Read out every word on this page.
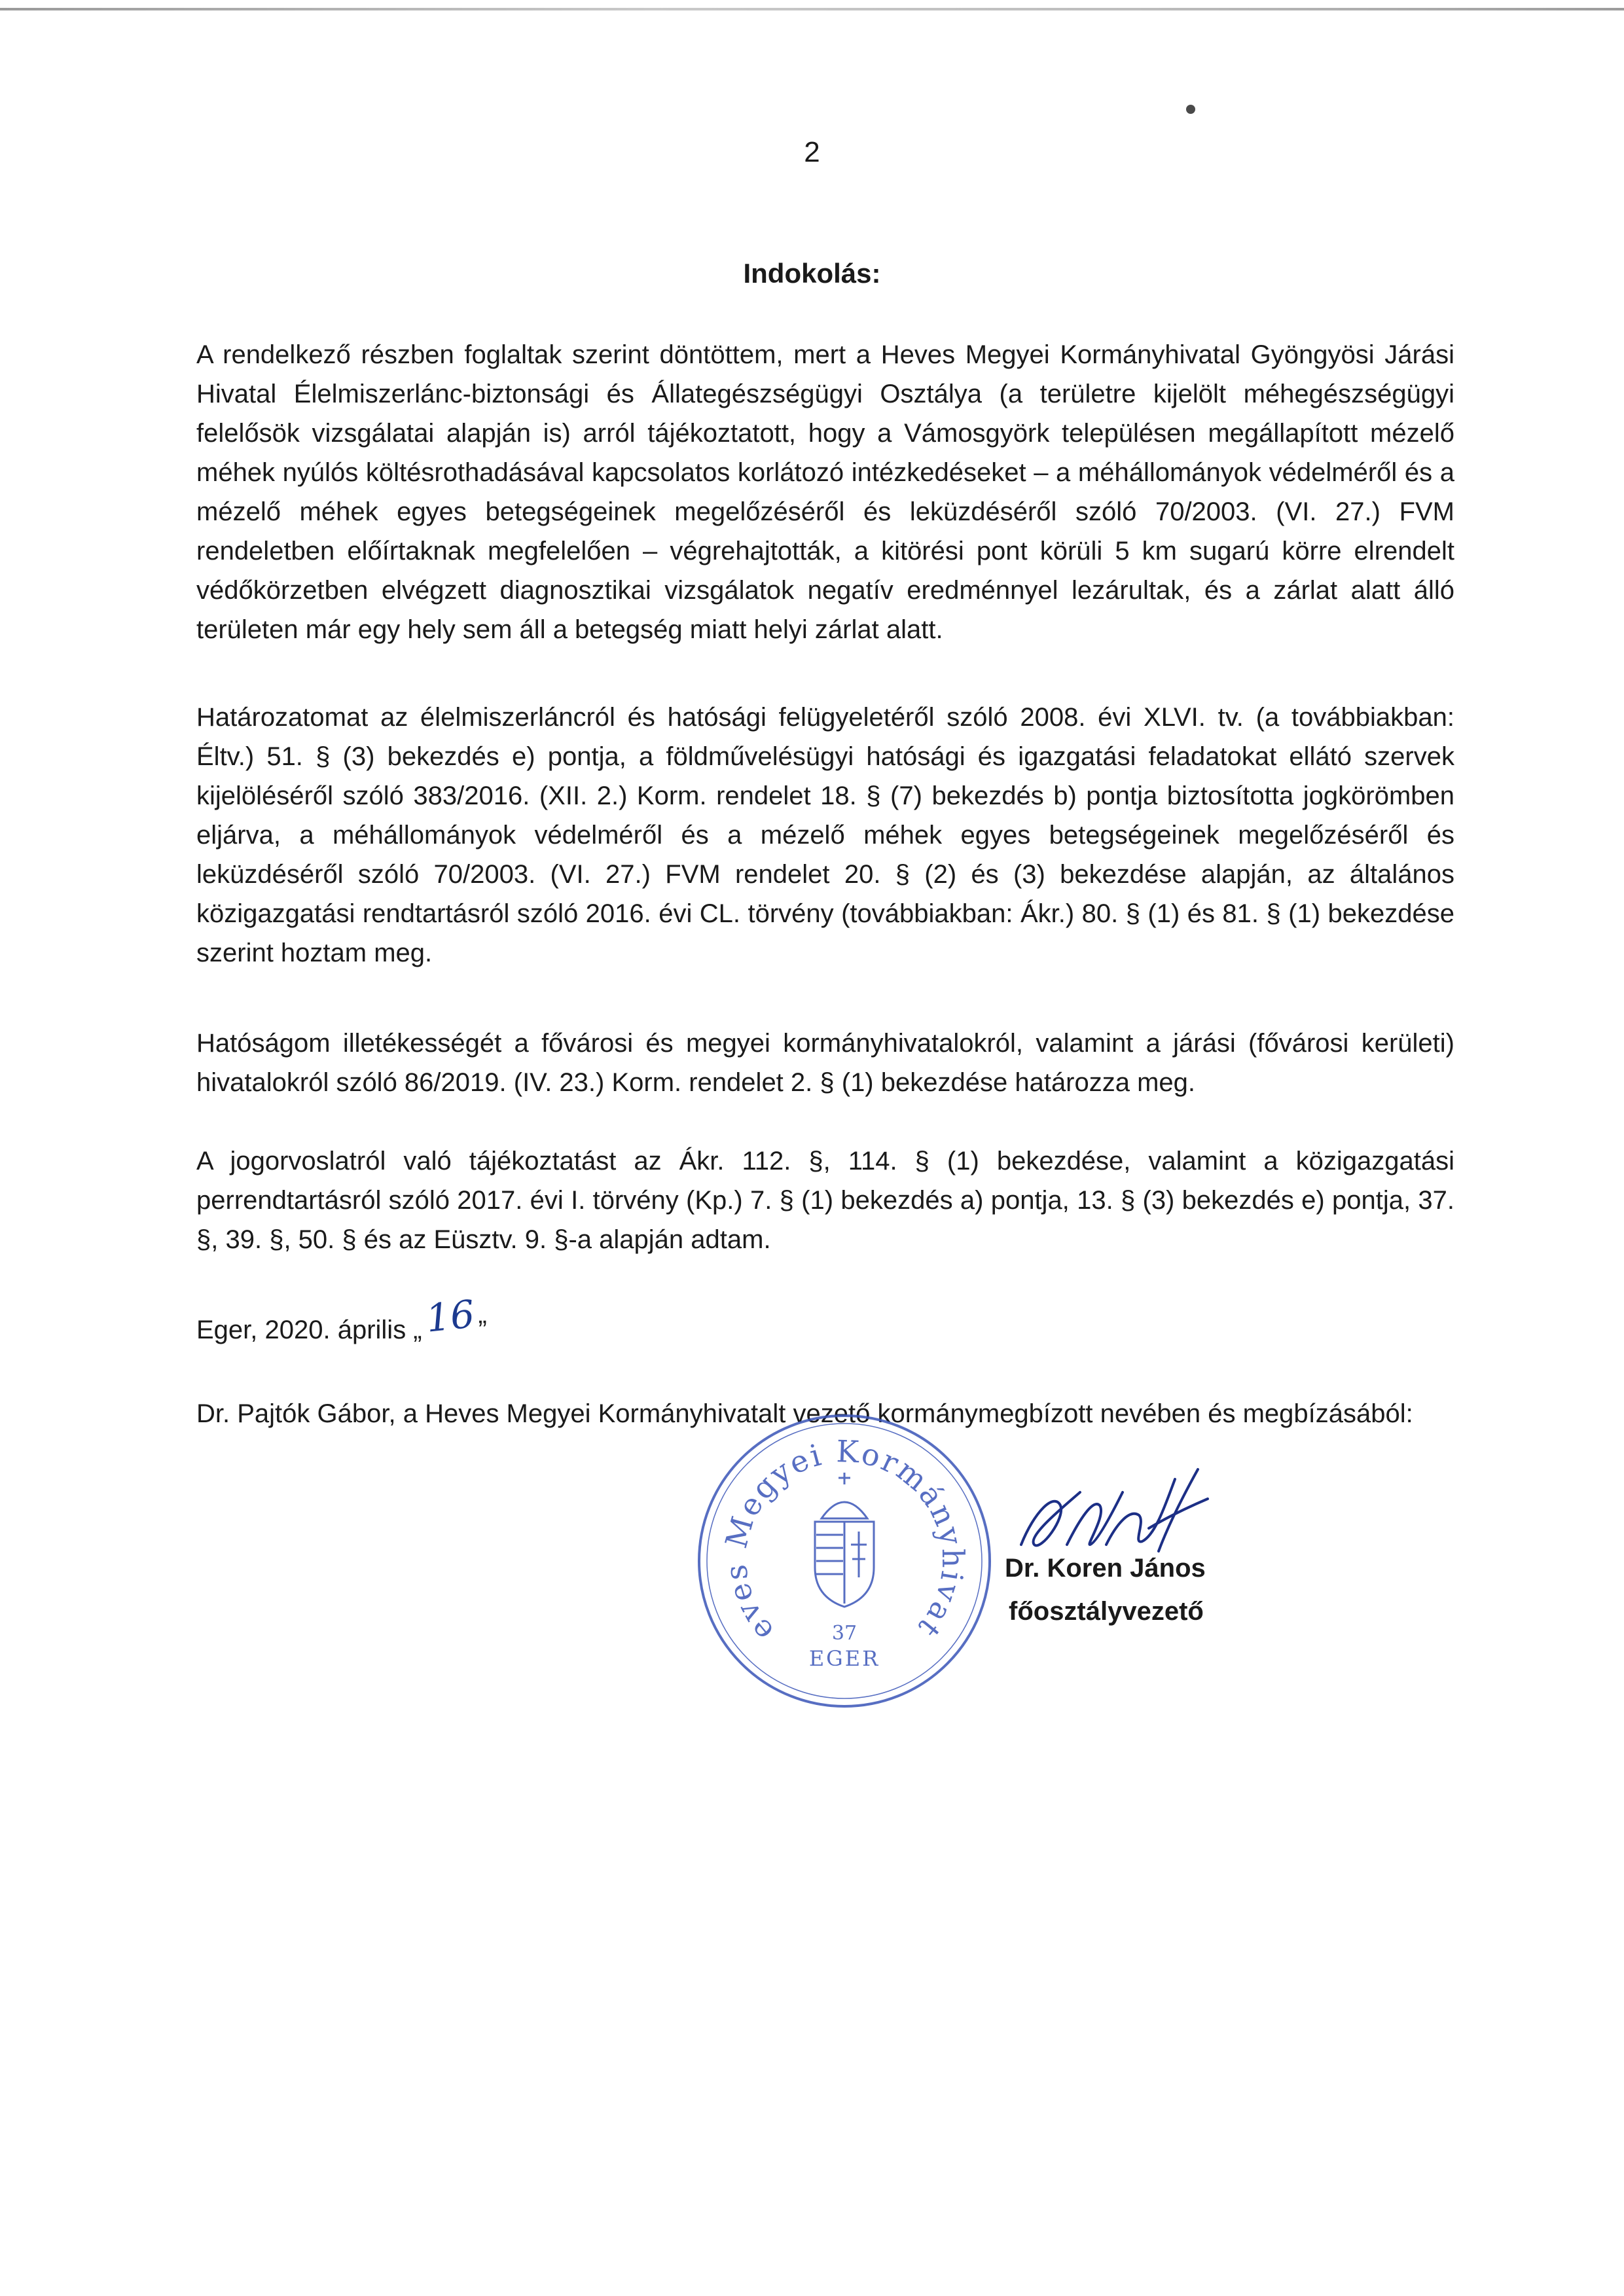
2
Indokolás:

A rendelkező részben foglaltak szerint döntöttem, mert a Heves Megyei Kormányhivatal Gyöngyösi Járási Hivatal Élelmiszerlánc-biztonsági és Állategészségügyi Osztálya (a területre kijelölt méhegészségügyi felelősök vizsgálatai alapján is) arról tájékoztatott, hogy a Vámosgyörk településen megállapított mézelő méhek nyúlós költésrothadásával kapcsolatos korlátozó intézkedéseket – a méhállományok védelméről és a mézelő méhek egyes betegségeinek megelőzéséről és leküzdéséről szóló 70/2003. (VI. 27.) FVM rendeletben előírtaknak megfelelően – végrehajtották, a kitörési pont körüli 5 km sugarú körre elrendelt védőkörzetben elvégzett diagnosztikai vizsgálatok negatív eredménnyel lezárultak, és a zárlat alatt álló területen már egy hely sem áll a betegség miatt helyi zárlat alatt.

Határozatomat az élelmiszerláncról és hatósági felügyeletéről szóló 2008. évi XLVI. tv. (a továbbiakban: Éltv.) 51. § (3) bekezdés e) pontja, a földművelésügyi hatósági és igazgatási feladatokat ellátó szervek kijelöléséről szóló 383/2016. (XII. 2.) Korm. rendelet 18. § (7) bekezdés b) pontja biztosította jogkörömben eljárva, a méhállományok védelméről és a mézelő méhek egyes betegségeinek megelőzéséről és leküzdéséről szóló 70/2003. (VI. 27.) FVM rendelet 20. § (2) és (3) bekezdése alapján, az általános közigazgatási rendtartásról szóló 2016. évi CL. törvény (továbbiakban: Ákr.) 80. § (1) és 81. § (1) bekezdése szerint hoztam meg.

Hatóságom illetékességét a fővárosi és megyei kormányhivatalokról, valamint a járási (fővárosi kerületi) hivatalokról szóló 86/2019. (IV. 23.) Korm. rendelet 2. § (1) bekezdése határozza meg.

A jogorvoslatról való tájékoztatást az Ákr. 112. §, 114. § (1) bekezdése, valamint a közigazgatási perrendtartásról szóló 2017. évi I. törvény (Kp.) 7. § (1) bekezdés a) pontja, 13. § (3) bekezdés e) pontja, 37. §, 39. §, 50. § és az Eüsztv. 9. §-a alapján adtam.

Eger, 2020. április „16”

Dr. Pajtók Gábor, a Heves Megyei Kormányhivatalt vezető kormánymegbízott nevében és megbízásából:

eves Megyei Kormányhivat
37
EGER
Dr. Koren János
főosztályvezető
